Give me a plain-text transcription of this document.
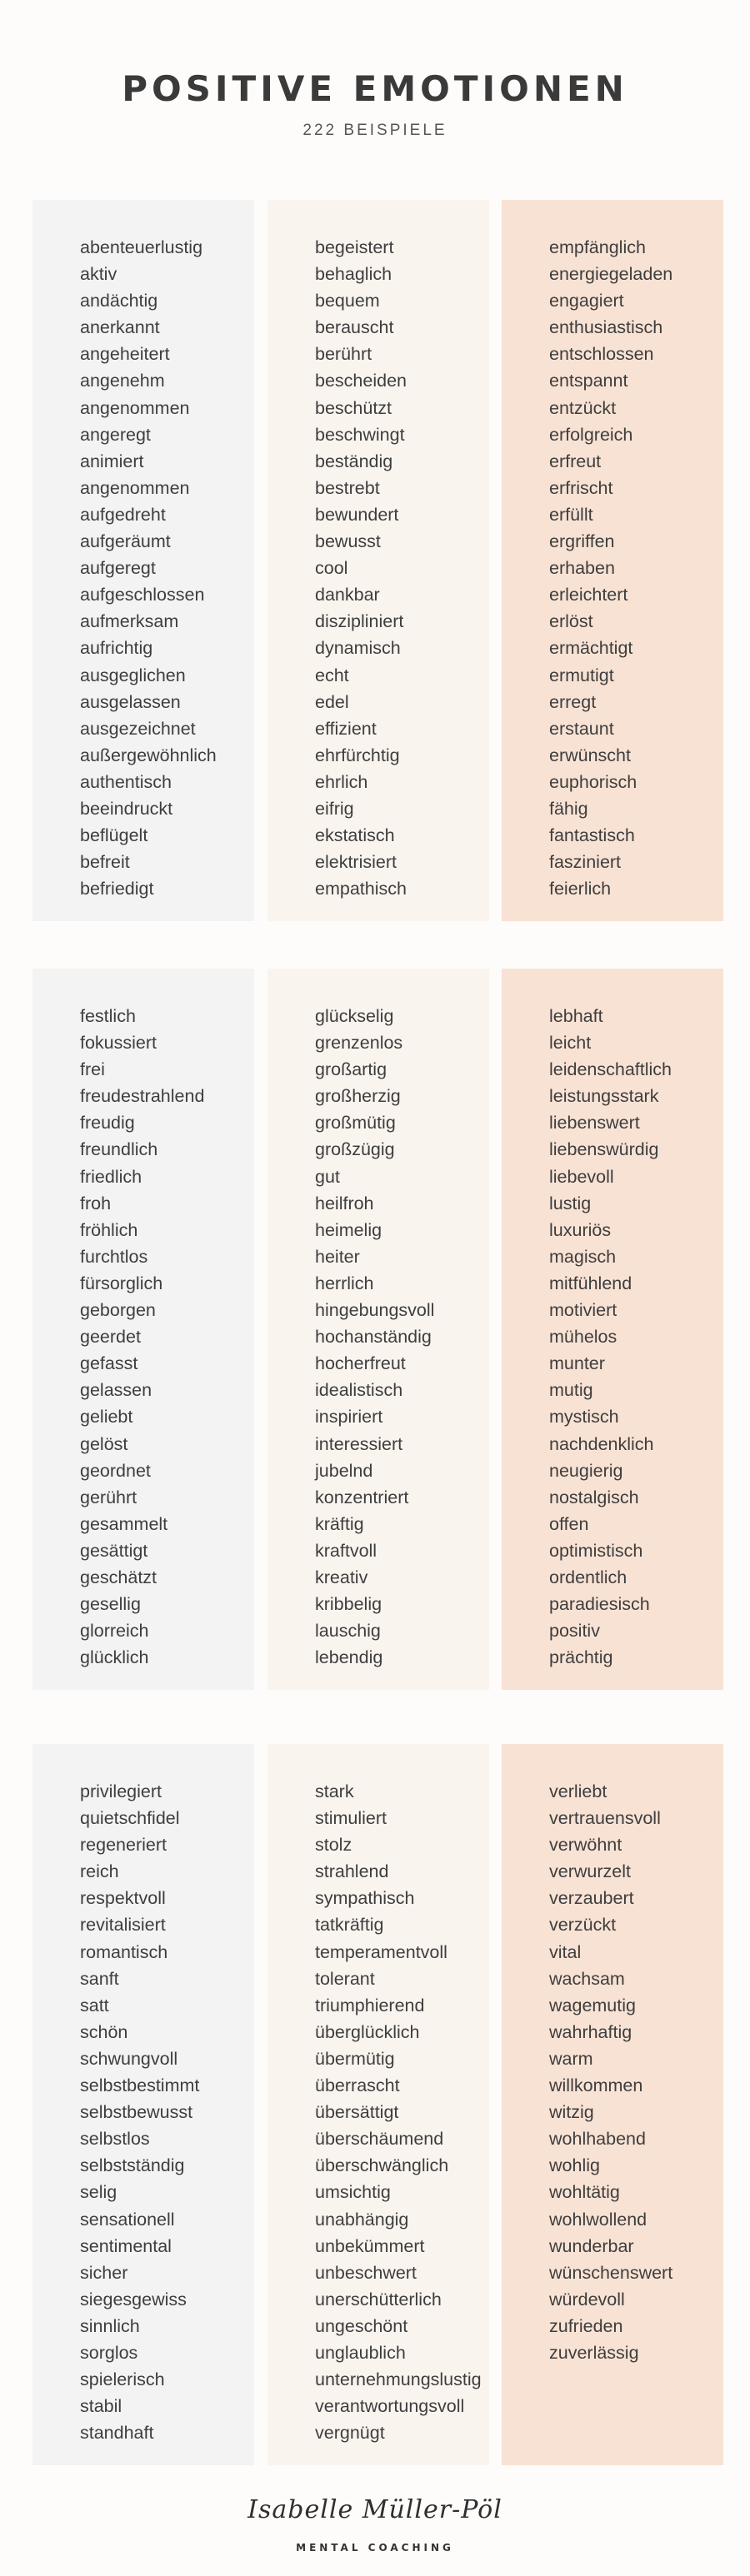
POSITIVE EMOTIONEN
222 BEISPIELE
abenteuerlustig
aktiv
andächtig
anerkannt
angeheitert
angenehm
angenommen
angeregt
animiert
angenommen
aufgedreht
aufgeräumt
aufgeregt
aufgeschlossen
aufmerksam
aufrichtig
ausgeglichen
ausgelassen
ausgezeichnet
außergewöhnlich
authentisch
beeindruckt
beflügelt
befreit
befriedigt
begeistert
behaglich
bequem
berauscht
berührt
bescheiden
beschützt
beschwingt
beständig
bestrebt
bewundert
bewusst
cool
dankbar
diszipliniert
dynamisch
echt
edel
effizient
ehrfürchtig
ehrlich
eifrig
ekstatisch
elektrisiert
empathisch
empfänglich
energiegeladen
engagiert
enthusiastisch
entschlossen
entspannt
entzückt
erfolgreich
erfreut
erfrischt
erfüllt
ergriffen
erhaben
erleichtert
erlöst
ermächtigt
ermutigt
erregt
erstaunt
erwünscht
euphorisch
fähig
fantastisch
fasziniert
feierlich
festlich
fokussiert
frei
freudestrahlend
freudig
freundlich
friedlich
froh
fröhlich
furchtlos
fürsorglich
geborgen
geerdet
gefasst
gelassen
geliebt
gelöst
geordnet
gerührt
gesammelt
gesättigt
geschätzt
gesellig
glorreich
glücklich
glückselig
grenzenlos
großartig
großherzig
großmütig
großzügig
gut
heilfroh
heimelig
heiter
herrlich
hingebungsvoll
hochanständig
hocherfreut
idealistisch
inspiriert
interessiert
jubelnd
konzentriert
kräftig
kraftvoll
kreativ
kribbelig
lauschig
lebendig
lebhaft
leicht
leidenschaftlich
leistungsstark
liebenswert
liebenswürdig
liebevoll
lustig
luxuriös
magisch
mitfühlend
motiviert
mühelos
munter
mutig
mystisch
nachdenklich
neugierig
nostalgisch
offen
optimistisch
ordentlich
paradiesisch
positiv
prächtig
privilegiert
quietschfidel
regeneriert
reich
respektvoll
revitalisiert
romantisch
sanft
satt
schön
schwungvoll
selbstbestimmt
selbstbewusst
selbstlos
selbstständig
selig
sensationell
sentimental
sicher
siegesgewiss
sinnlich
sorglos
spielerisch
stabil
standhaft
stark
stimuliert
stolz
strahlend
sympathisch
tatkräftig
temperamentvoll
tolerant
triumphierend
überglücklich
übermütig
überrascht
übersättigt
überschäumend
überschwänglich
umsichtig
unabhängig
unbekümmert
unbeschwert
unerschütterlich
ungeschönt
unglaublich
unternehmungslustig
verantwortungsvoll
vergnügt
verliebt
vertrauensvoll
verwöhnt
verwurzelt
verzaubert
verzückt
vital
wachsam
wagemutig
wahrhaftig
warm
willkommen
witzig
wohlhabend
wohlig
wohltätig
wohlwollend
wunderbar
wünschenswert
würdevoll
zufrieden
zuverlässig
Isabelle Müller-Pöl
MENTAL COACHING
